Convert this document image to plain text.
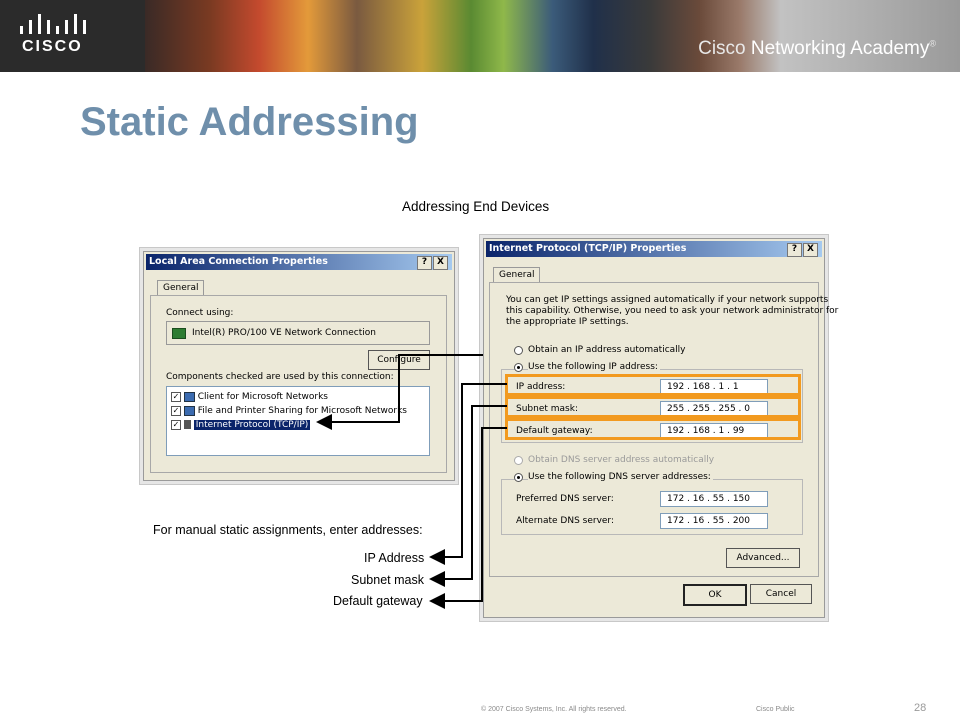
CISCO	Cisco Networking Academy®
Static Addressing
Addressing End Devices
Local Area Connection Properties	?	X
General
Connect using:
Intel(R) PRO/100 VE Network Connection
Configure
Components checked are used by this connection:
✓ Client for Microsoft Networks
✓ File and Printer Sharing for Microsoft Networks
✓ Internet Protocol (TCP/IP)
Internet Protocol (TCP/IP) Properties	?	X
General
You can get IP settings assigned automatically if your network supports
this capability. Otherwise, you need to ask your network administrator for
the appropriate IP settings.
Obtain an IP address automatically
Use the following IP address:
IP address:	192 . 168 . 1 . 1
Subnet mask:	255 . 255 . 255 . 0
Default gateway:	192 . 168 . 1 . 99
Obtain DNS server address automatically
Use the following DNS server addresses:
Preferred DNS server:	172 . 16 . 55 . 150
Alternate DNS server:	172 . 16 . 55 . 200
Advanced...
OK	Cancel
For manual static assignments, enter addresses:
IP Address
Subnet mask
Default gateway
© 2007 Cisco Systems, Inc. All rights reserved.	Cisco Public	28
